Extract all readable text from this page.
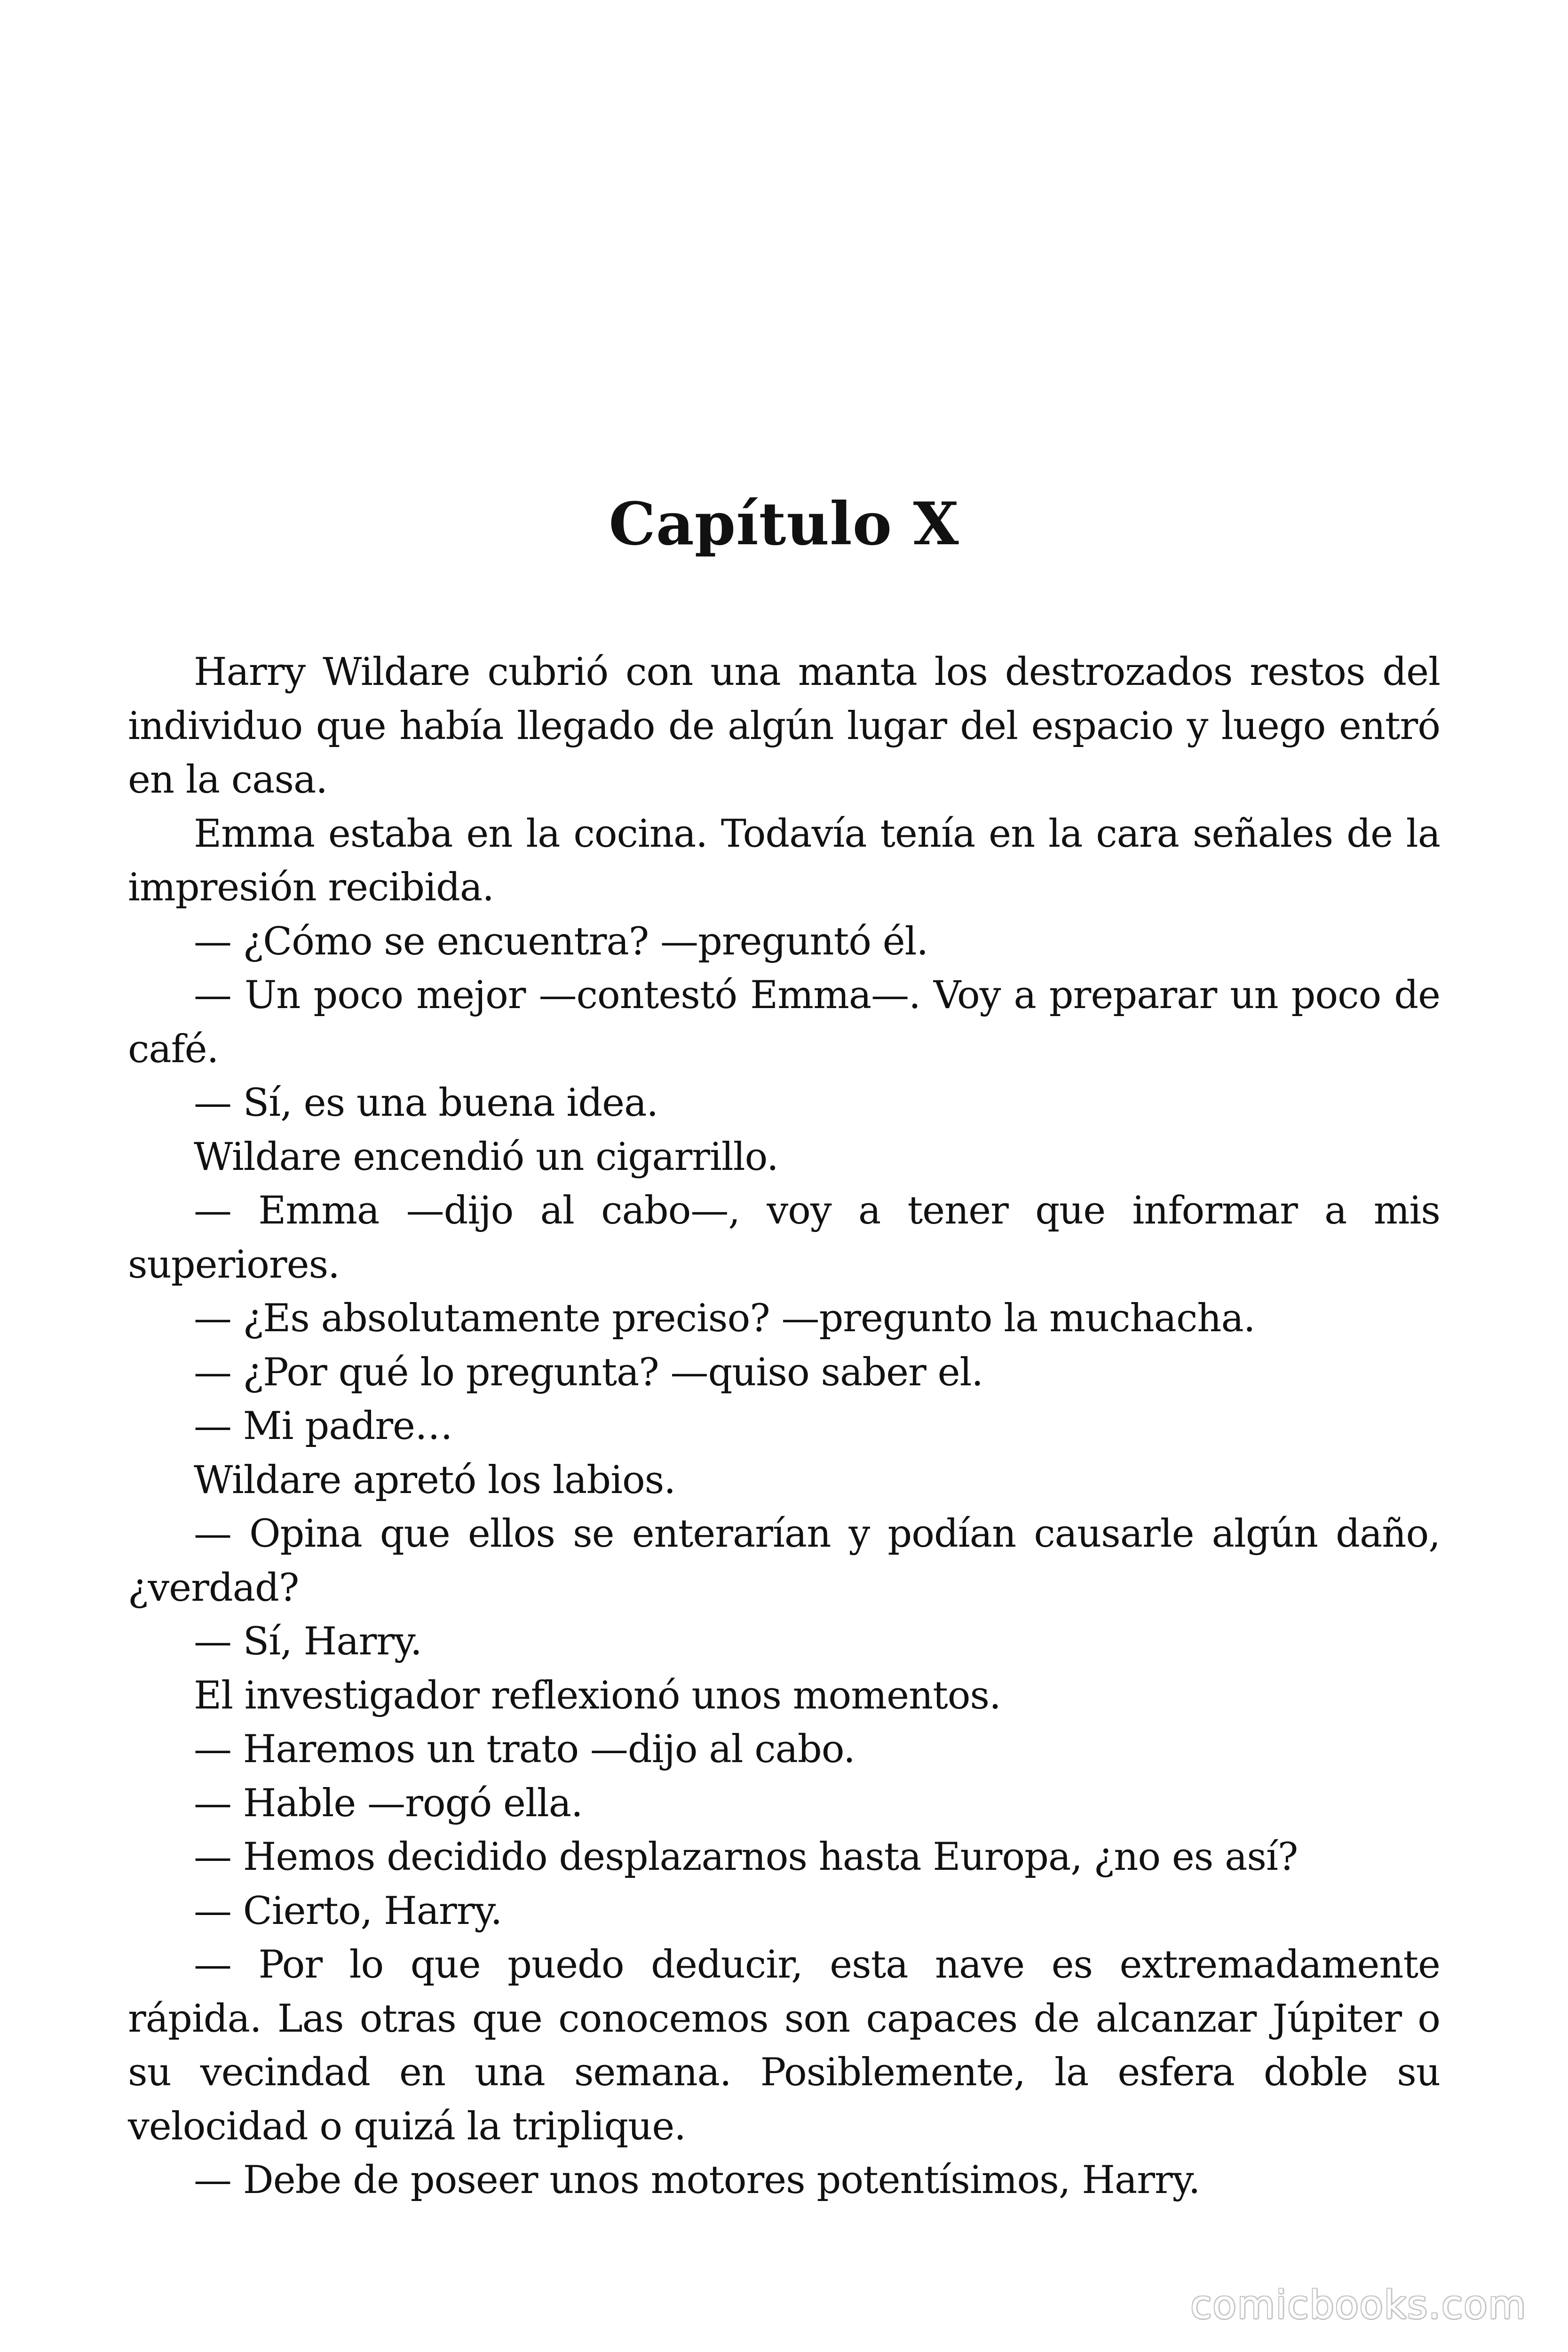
Capítulo X

Harry Wildare cubrió con una manta los destrozados restos del individuo que había llegado de algún lugar del espacio y luego entró en la casa.

Emma estaba en la cocina. Todavía tenía en la cara señales de la impresión recibida.

— ¿Cómo se encuentra? —preguntó él.

— Un poco mejor —contestó Emma—. Voy a preparar un poco de café.

— Sí, es una buena idea.

Wildare encendió un cigarrillo.

— Emma —dijo al cabo—, voy a tener que informar a mis superiores.

— ¿Es absolutamente preciso? —pregunto la muchacha.

— ¿Por qué lo pregunta? —quiso saber el.

— Mi padre…

Wildare apretó los labios.

— Opina que ellos se enterarían y podían causarle algún daño, ¿verdad?

— Sí, Harry.

El investigador reflexionó unos momentos.

— Haremos un trato —dijo al cabo.

— Hable —rogó ella.

— Hemos decidido desplazarnos hasta Europa, ¿no es así?

— Cierto, Harry.

— Por lo que puedo deducir, esta nave es extremadamente rápida. Las otras que conocemos son capaces de alcanzar Júpiter o su vecindad en una semana. Posiblemente, la esfera doble su velocidad o quizá la triplique.

— Debe de poseer unos motores potentísimos, Harry.

comicbooks.com
